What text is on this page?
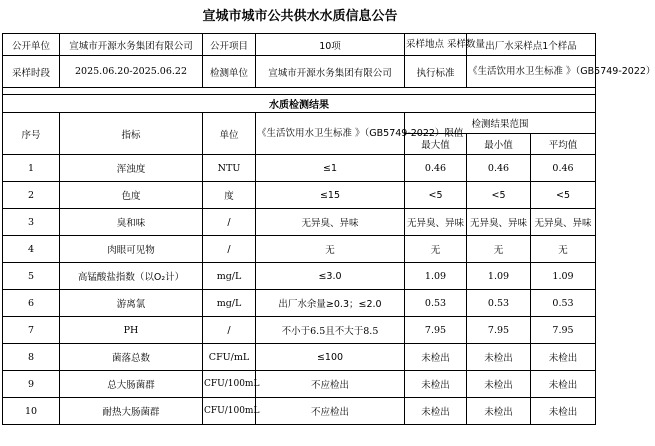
宣城市城市公共供水水质信息公告
公开单位	宣城市开源水务集团有限公司	公开项目	10项	采样地点 采样数量	出厂水采样点1个样品	
采样时段	2025.06.20-2025.06.22	检测单位	宣城市开源水务集团有限公司	执行标准	《生活饮用水卫生标准 》（GB5749-2022）	

水质检测结果						
序号	指标	单位	《生活饮用水卫生标准 》（GB5749-2022）限值	检测结果范围		
				最大值	最小值	平均值
1	浑浊度	NTU	≤1	0.46	0.46	0.46
2	色度	度	≤15	<5	<5	<5
3	臭和味	/	无异臭、异味	无异臭、异味	无异臭、异味	无异臭、异味
4	肉眼可见物	/	无	无	无	无
5	高锰酸盐指数（以O₂计）	mg/L	≤3.0	1.09	1.09	1.09
6	游离氯	mg/L	出厂水余量≥0.3；≤2.0	0.53	0.53	0.53
7	PH	/	不小于6.5且不大于8.5	7.95	7.95	7.95
8	菌落总数	CFU/mL	≤100	未检出	未检出	未检出
9	总大肠菌群	CFU/100mL	不应检出	未检出	未检出	未检出
10	耐热大肠菌群	CFU/100mL	不应检出	未检出	未检出	未检出
